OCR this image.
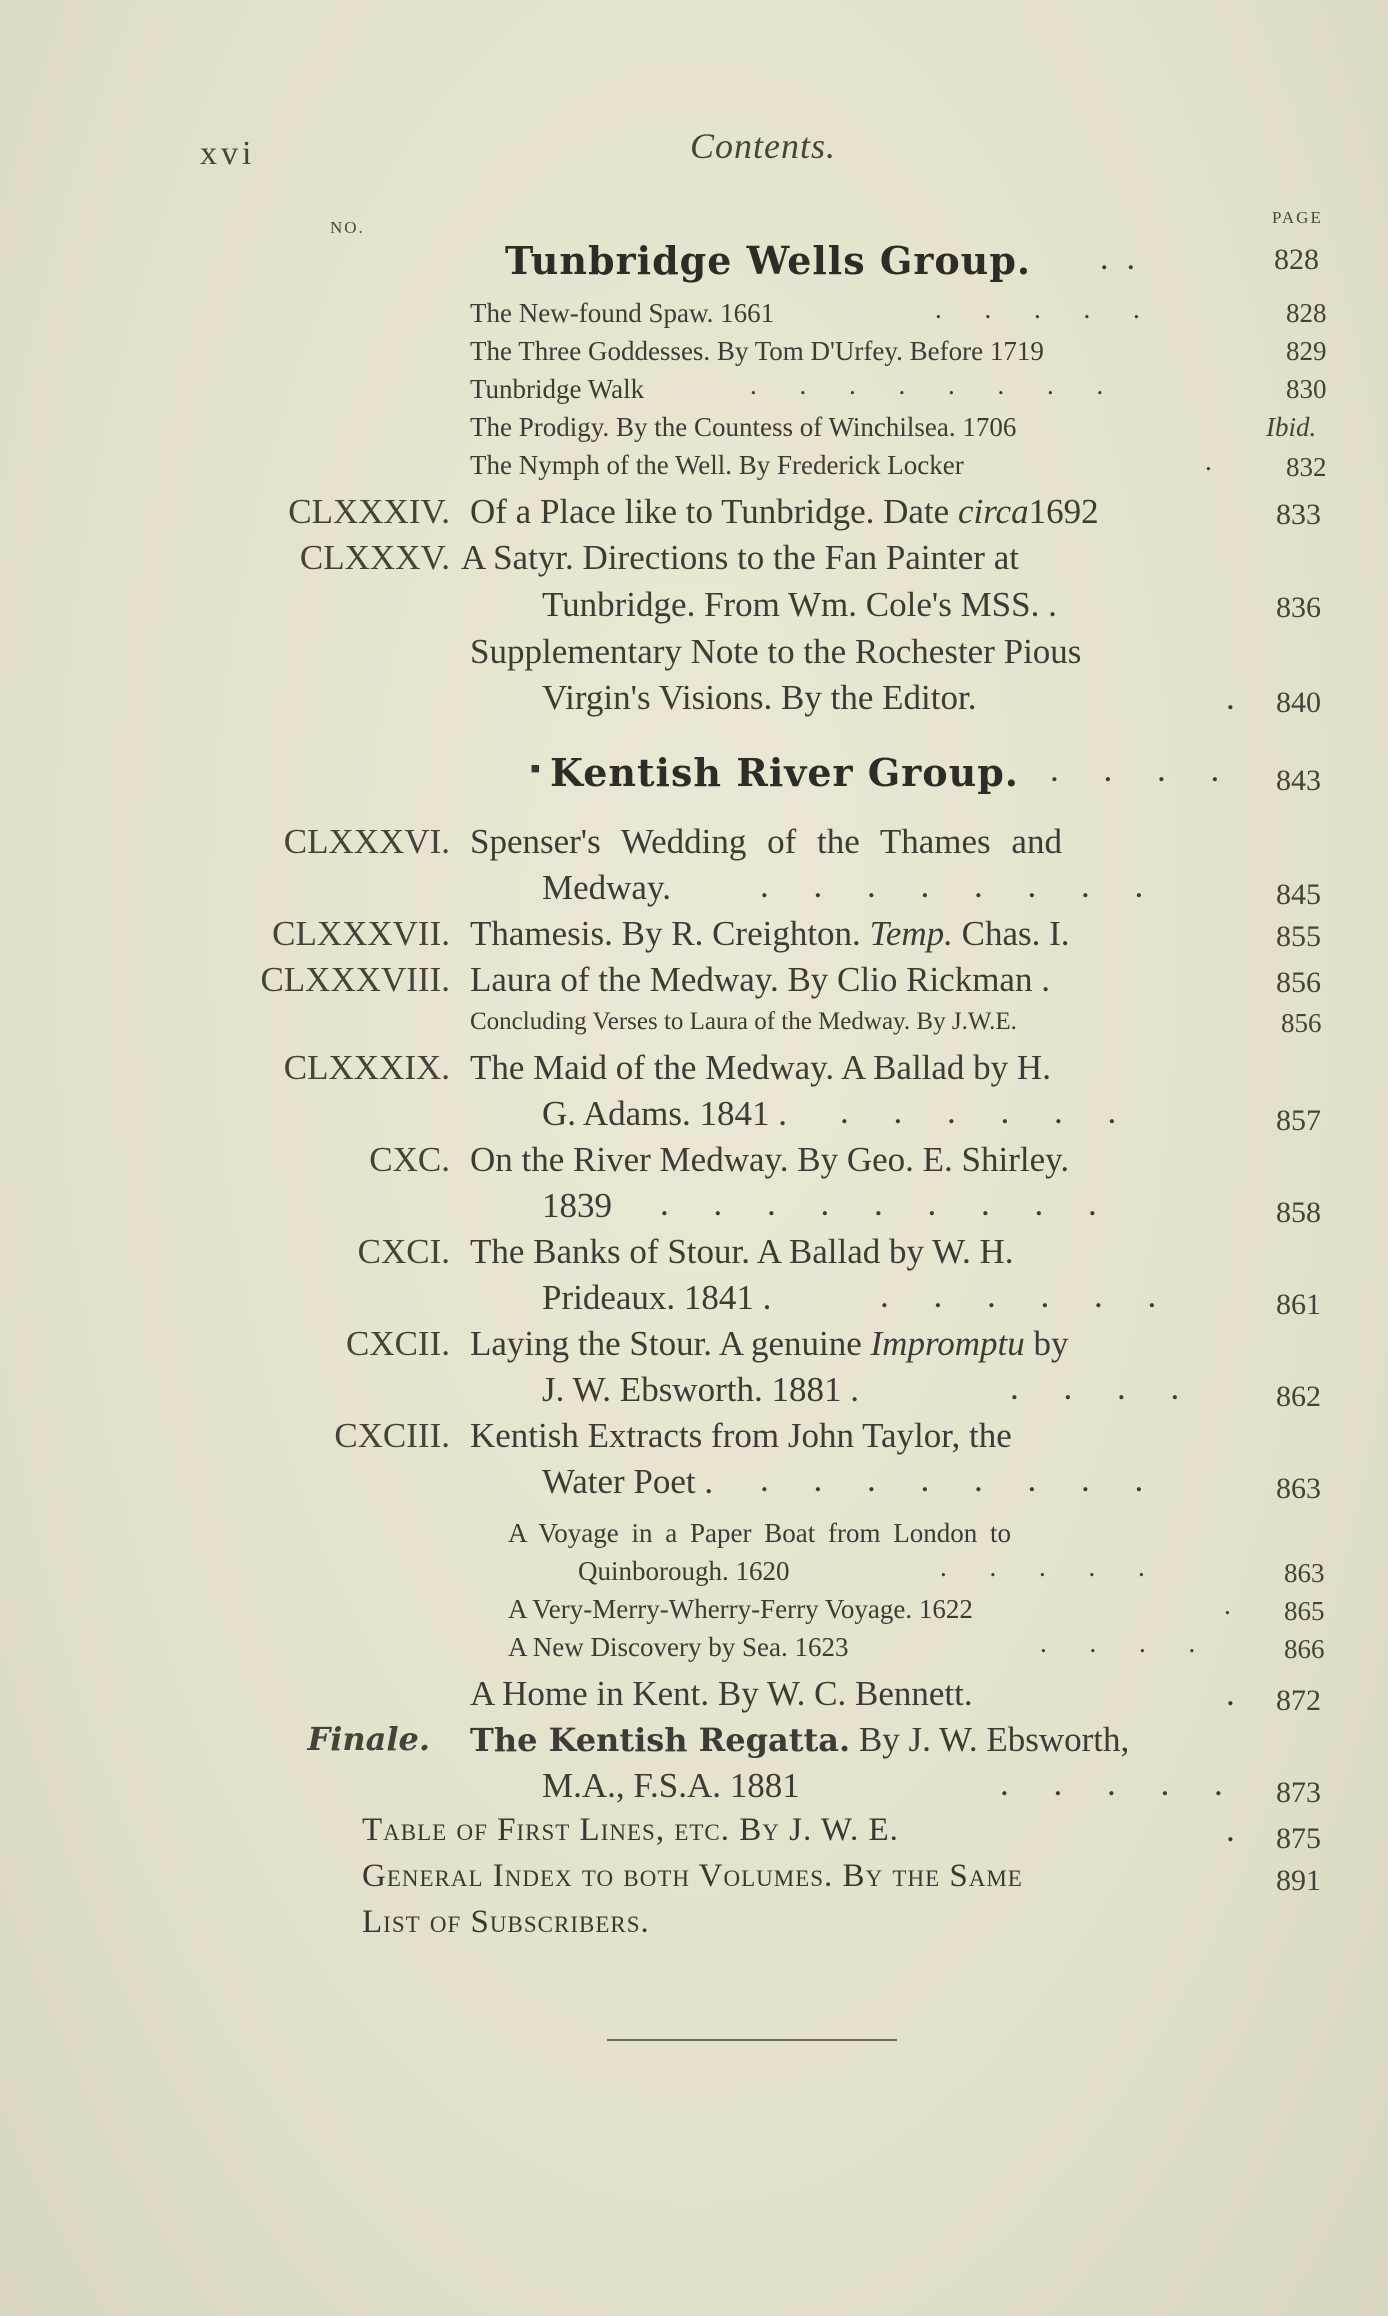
xvi	Contents.
NO.
PAGE
Tunbridge Wells Group. ..	828
The New-found Spaw. 1661	. . . . .	828
The Three Goddesses. By Tom D'Urfey. Before 1719	829
Tunbridge Walk	. . . . . . . .	830
The Prodigy. By the Countess of Winchilsea. 1706	Ibid.
The Nymph of the Well. By Frederick Locker	.	832
CLXXXIV. Of a Place like to Tunbridge. Date circa1692	833
CLXXXV. A Satyr. Directions to the Fan Painter at
Tunbridge. From Wm. Cole's MSS. .	836
Supplementary Note to the Rochester Pious
Virgin's Visions. By the Editor.	. 840
▪ Kentish River Group. . . . . 843
CLXXXVI. Spenser's Wedding of the Thames and
Medway.	. . . . . . . .	845
CLXXXVII. Thamesis. By R. Creighton. Temp. Chas. I.	855
CLXXXVIII. Laura of the Medway. By Clio Rickman .	856
Concluding Verses to Laura of the Medway. By J.W.E.	856
CLXXXIX. The Maid of the Medway. A Ballad by H.
G. Adams. 1841 . . . . . . .	857
CXC. On the River Medway. By Geo. E. Shirley.
1839 . . . . . . . . .	858
CXCI. The Banks of Stour. A Ballad by W. H.
Prideaux. 1841 .	. . . . . .	861
CXCII. Laying the Stour. A genuine Impromptu by
J. W. Ebsworth. 1881 .	. . . .	862
CXCIII. Kentish Extracts from John Taylor, the
Water Poet . . . . . . . . .	863
A Voyage in a Paper Boat from London to
Quinborough. 1620	. . . . .	863
A Very-Merry-Wherry-Ferry Voyage. 1622	. 865
A New Discovery by Sea. 1623	. . . .	866
A Home in Kent. By W. C. Bennett.	. 872
Finale. The Kentish Regatta. By J. W. Ebsworth,
M.A., F.S.A. 1881	. . . . . 873
Table of First Lines, etc. By J. W. E.	. 875
General Index to both Volumes. By the Same	891
List of Subscribers.
